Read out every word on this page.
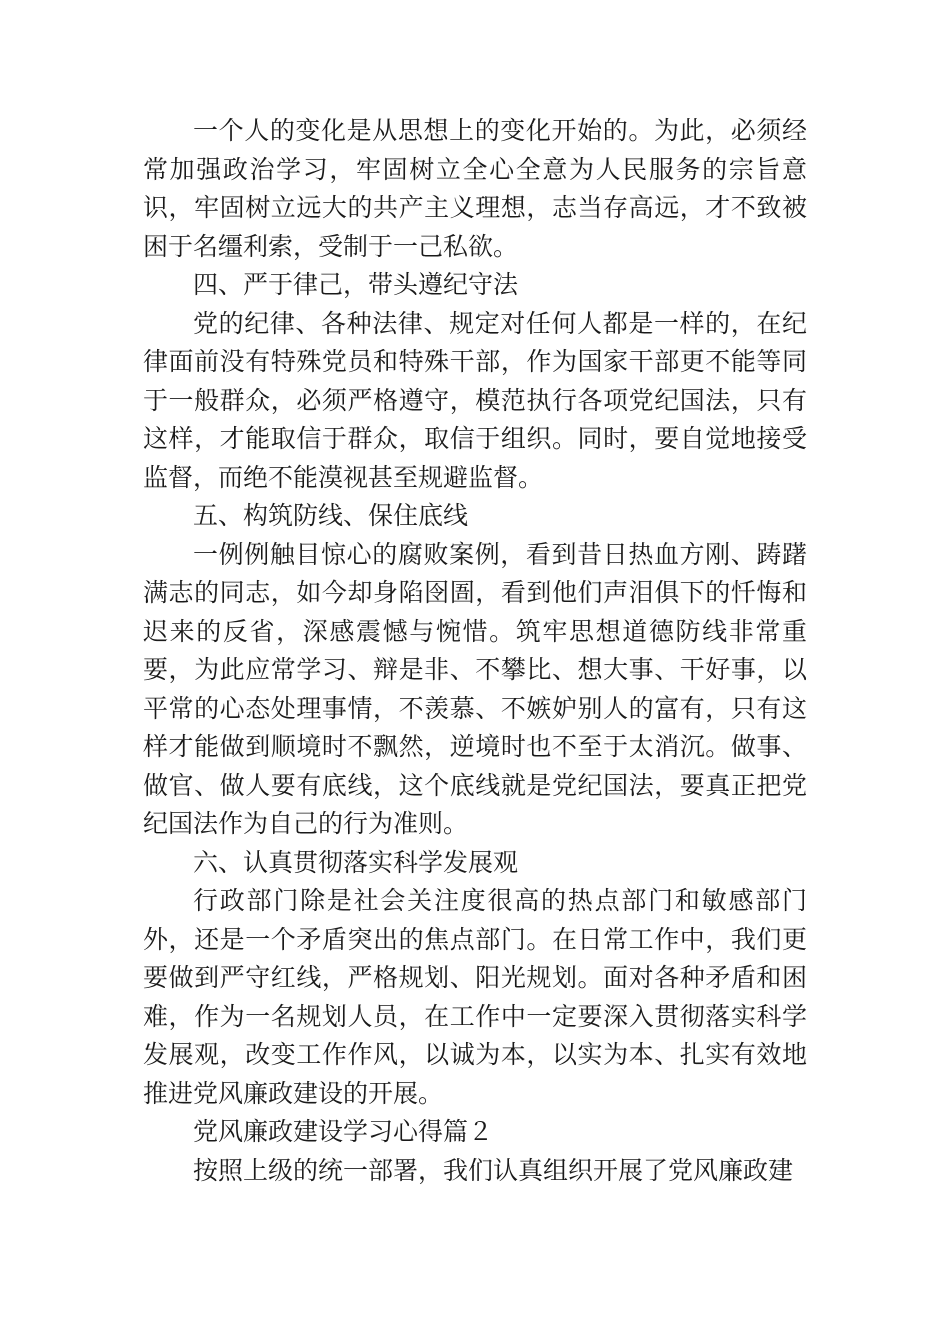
一个人的变化是从思想上的变化开始的。为此，必须经常加强政治学习，牢固树立全心全意为人民服务的宗旨意识，牢固树立远大的共产主义理想，志当存高远，才不致被困于名缰利索，受制于一己私欲。

四、严于律己，带头遵纪守法

党的纪律、各种法律、规定对任何人都是一样的，在纪律面前没有特殊党员和特殊干部，作为国家干部更不能等同于一般群众，必须严格遵守，模范执行各项党纪国法，只有这样，才能取信于群众，取信于组织。同时，要自觉地接受监督，而绝不能漠视甚至规避监督。

五、构筑防线、保住底线

一例例触目惊心的腐败案例，看到昔日热血方刚、踌躇满志的同志，如今却身陷囹圄，看到他们声泪俱下的忏悔和迟来的反省，深感震憾与惋惜。筑牢思想道德防线非常重要，为此应常学习、辩是非、不攀比、想大事、干好事，以平常的心态处理事情，不羡慕、不嫉妒别人的富有，只有这样才能做到顺境时不飘然，逆境时也不至于太消沉。做事、做官、做人要有底线，这个底线就是党纪国法，要真正把党纪国法作为自己的行为准则。

六、认真贯彻落实科学发展观

行政部门除是社会关注度很高的热点部门和敏感部门外，还是一个矛盾突出的焦点部门。在日常工作中，我们更要做到严守红线，严格规划、阳光规划。面对各种矛盾和困难，作为一名规划人员，在工作中一定要深入贯彻落实科学发展观，改变工作作风，以诚为本，以实为本、扎实有效地推进党风廉政建设的开展。

党风廉政建设学习心得篇２

按照上级的统一部署，我们认真组织开展了党风廉政建
